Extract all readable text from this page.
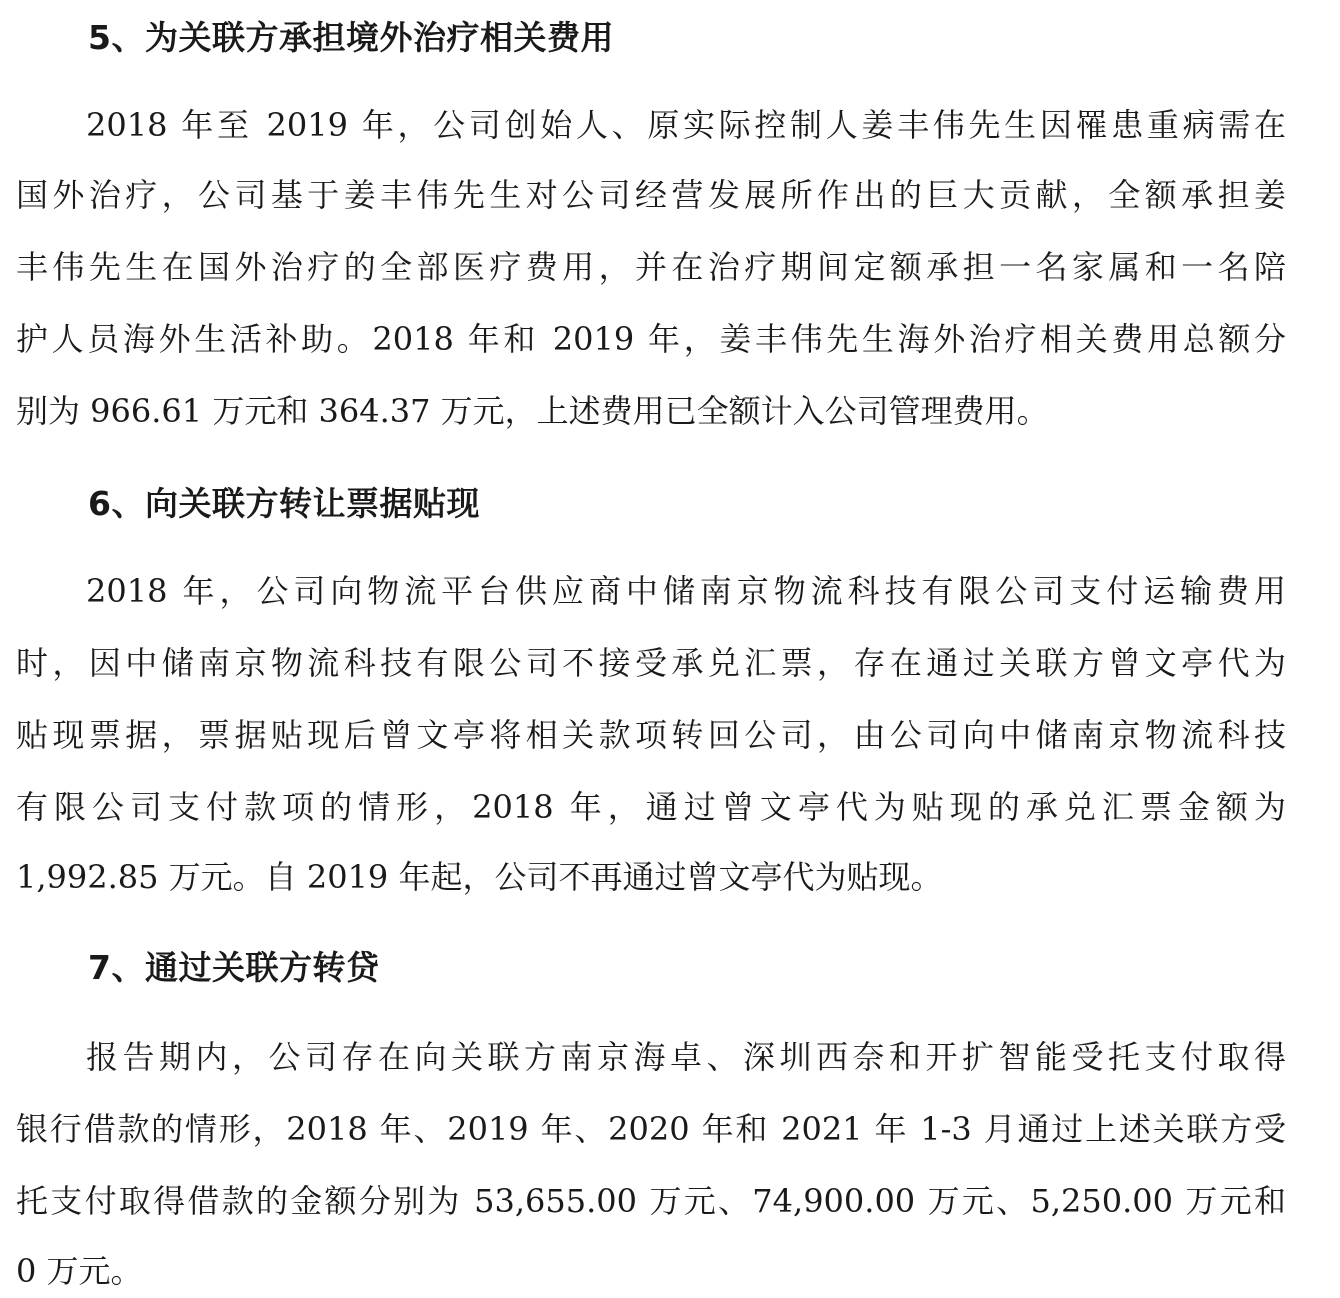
5、为关联方承担境外治疗相关费用

2018 年至 2019 年，公司创始人、原实际控制人姜丰伟先生因罹患重病需在

国外治疗，公司基于姜丰伟先生对公司经营发展所作出的巨大贡献，全额承担姜

丰伟先生在国外治疗的全部医疗费用，并在治疗期间定额承担一名家属和一名陪

护人员海外生活补助。2018 年和 2019 年，姜丰伟先生海外治疗相关费用总额分

别为 966.61 万元和 364.37 万元，上述费用已全额计入公司管理费用。

6、向关联方转让票据贴现

2018 年，公司向物流平台供应商中储南京物流科技有限公司支付运输费用

时，因中储南京物流科技有限公司不接受承兑汇票，存在通过关联方曾文亭代为

贴现票据，票据贴现后曾文亭将相关款项转回公司，由公司向中储南京物流科技

有限公司支付款项的情形，2018 年，通过曾文亭代为贴现的承兑汇票金额为

1,992.85 万元。自 2019 年起，公司不再通过曾文亭代为贴现。

7、通过关联方转贷

报告期内，公司存在向关联方南京海卓、深圳西奈和开扩智能受托支付取得

银行借款的情形，2018 年、2019 年、2020 年和 2021 年 1-3 月通过上述关联方受

托支付取得借款的金额分别为 53,655.00 万元、74,900.00 万元、5,250.00 万元和

0 万元。
